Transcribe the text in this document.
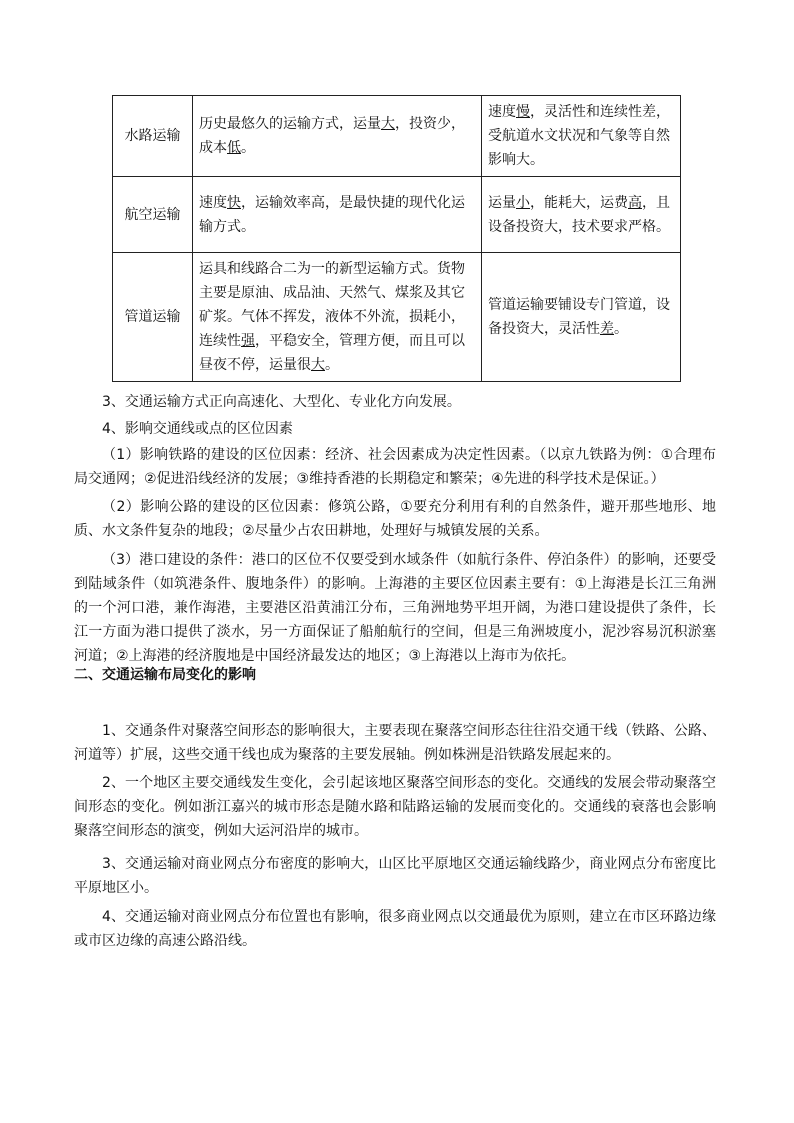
水路运输	历史最悠久的运输方式，运量大，投资少，成本低。	速度慢，灵活性和连续性差，受航道水文状况和气象等自然影响大。
航空运输	速度快，运输效率高，是最快捷的现代化运输方式。	运量小，能耗大，运费高，且设备投资大，技术要求严格。
管道运输	运具和线路合二为一的新型运输方式。货物主要是原油、成品油、天然气、煤浆及其它矿浆。气体不挥发，液体不外流，损耗小，连续性强，平稳安全，管理方便，而且可以昼夜不停，运量很大。	管道运输要铺设专门管道，设备投资大，灵活性差。

3、交通运输方式正向高速化、大型化、专业化方向发展。

4、影响交通线或点的区位因素

（1）影响铁路的建设的区位因素：经济、社会因素成为决定性因素。（以京九铁路为例：①合理布局交通网；②促进沿线经济的发展；③维持香港的长期稳定和繁荣；④先进的科学技术是保证。）

（2）影响公路的建设的区位因素：修筑公路，①要充分利用有利的自然条件，避开那些地形、地质、水文条件复杂的地段；②尽量少占农田耕地，处理好与城镇发展的关系。

（3）港口建设的条件：港口的区位不仅要受到水域条件（如航行条件、停泊条件）的影响，还要受到陆域条件（如筑港条件、腹地条件）的影响。上海港的主要区位因素主要有：①上海港是长江三角洲的一个河口港，兼作海港，主要港区沿黄浦江分布，三角洲地势平坦开阔，为港口建设提供了条件，长江一方面为港口提供了淡水，另一方面保证了船舶航行的空间，但是三角洲坡度小，泥沙容易沉积淤塞河道；②上海港的经济腹地是中国经济最发达的地区；③上海港以上海市为依托。

二、交通运输布局变化的影响

1、交通条件对聚落空间形态的影响很大，主要表现在聚落空间形态往往沿交通干线（铁路、公路、河道等）扩展，这些交通干线也成为聚落的主要发展轴。例如株洲是沿铁路发展起来的。

2、一个地区主要交通线发生变化，会引起该地区聚落空间形态的变化。交通线的发展会带动聚落空间形态的变化。例如浙江嘉兴的城市形态是随水路和陆路运输的发展而变化的。交通线的衰落也会影响聚落空间形态的演变，例如大运河沿岸的城市。

3、交通运输对商业网点分布密度的影响大，山区比平原地区交通运输线路少，商业网点分布密度比平原地区小。

4、交通运输对商业网点分布位置也有影响，很多商业网点以交通最优为原则，建立在市区环路边缘或市区边缘的高速公路沿线。
